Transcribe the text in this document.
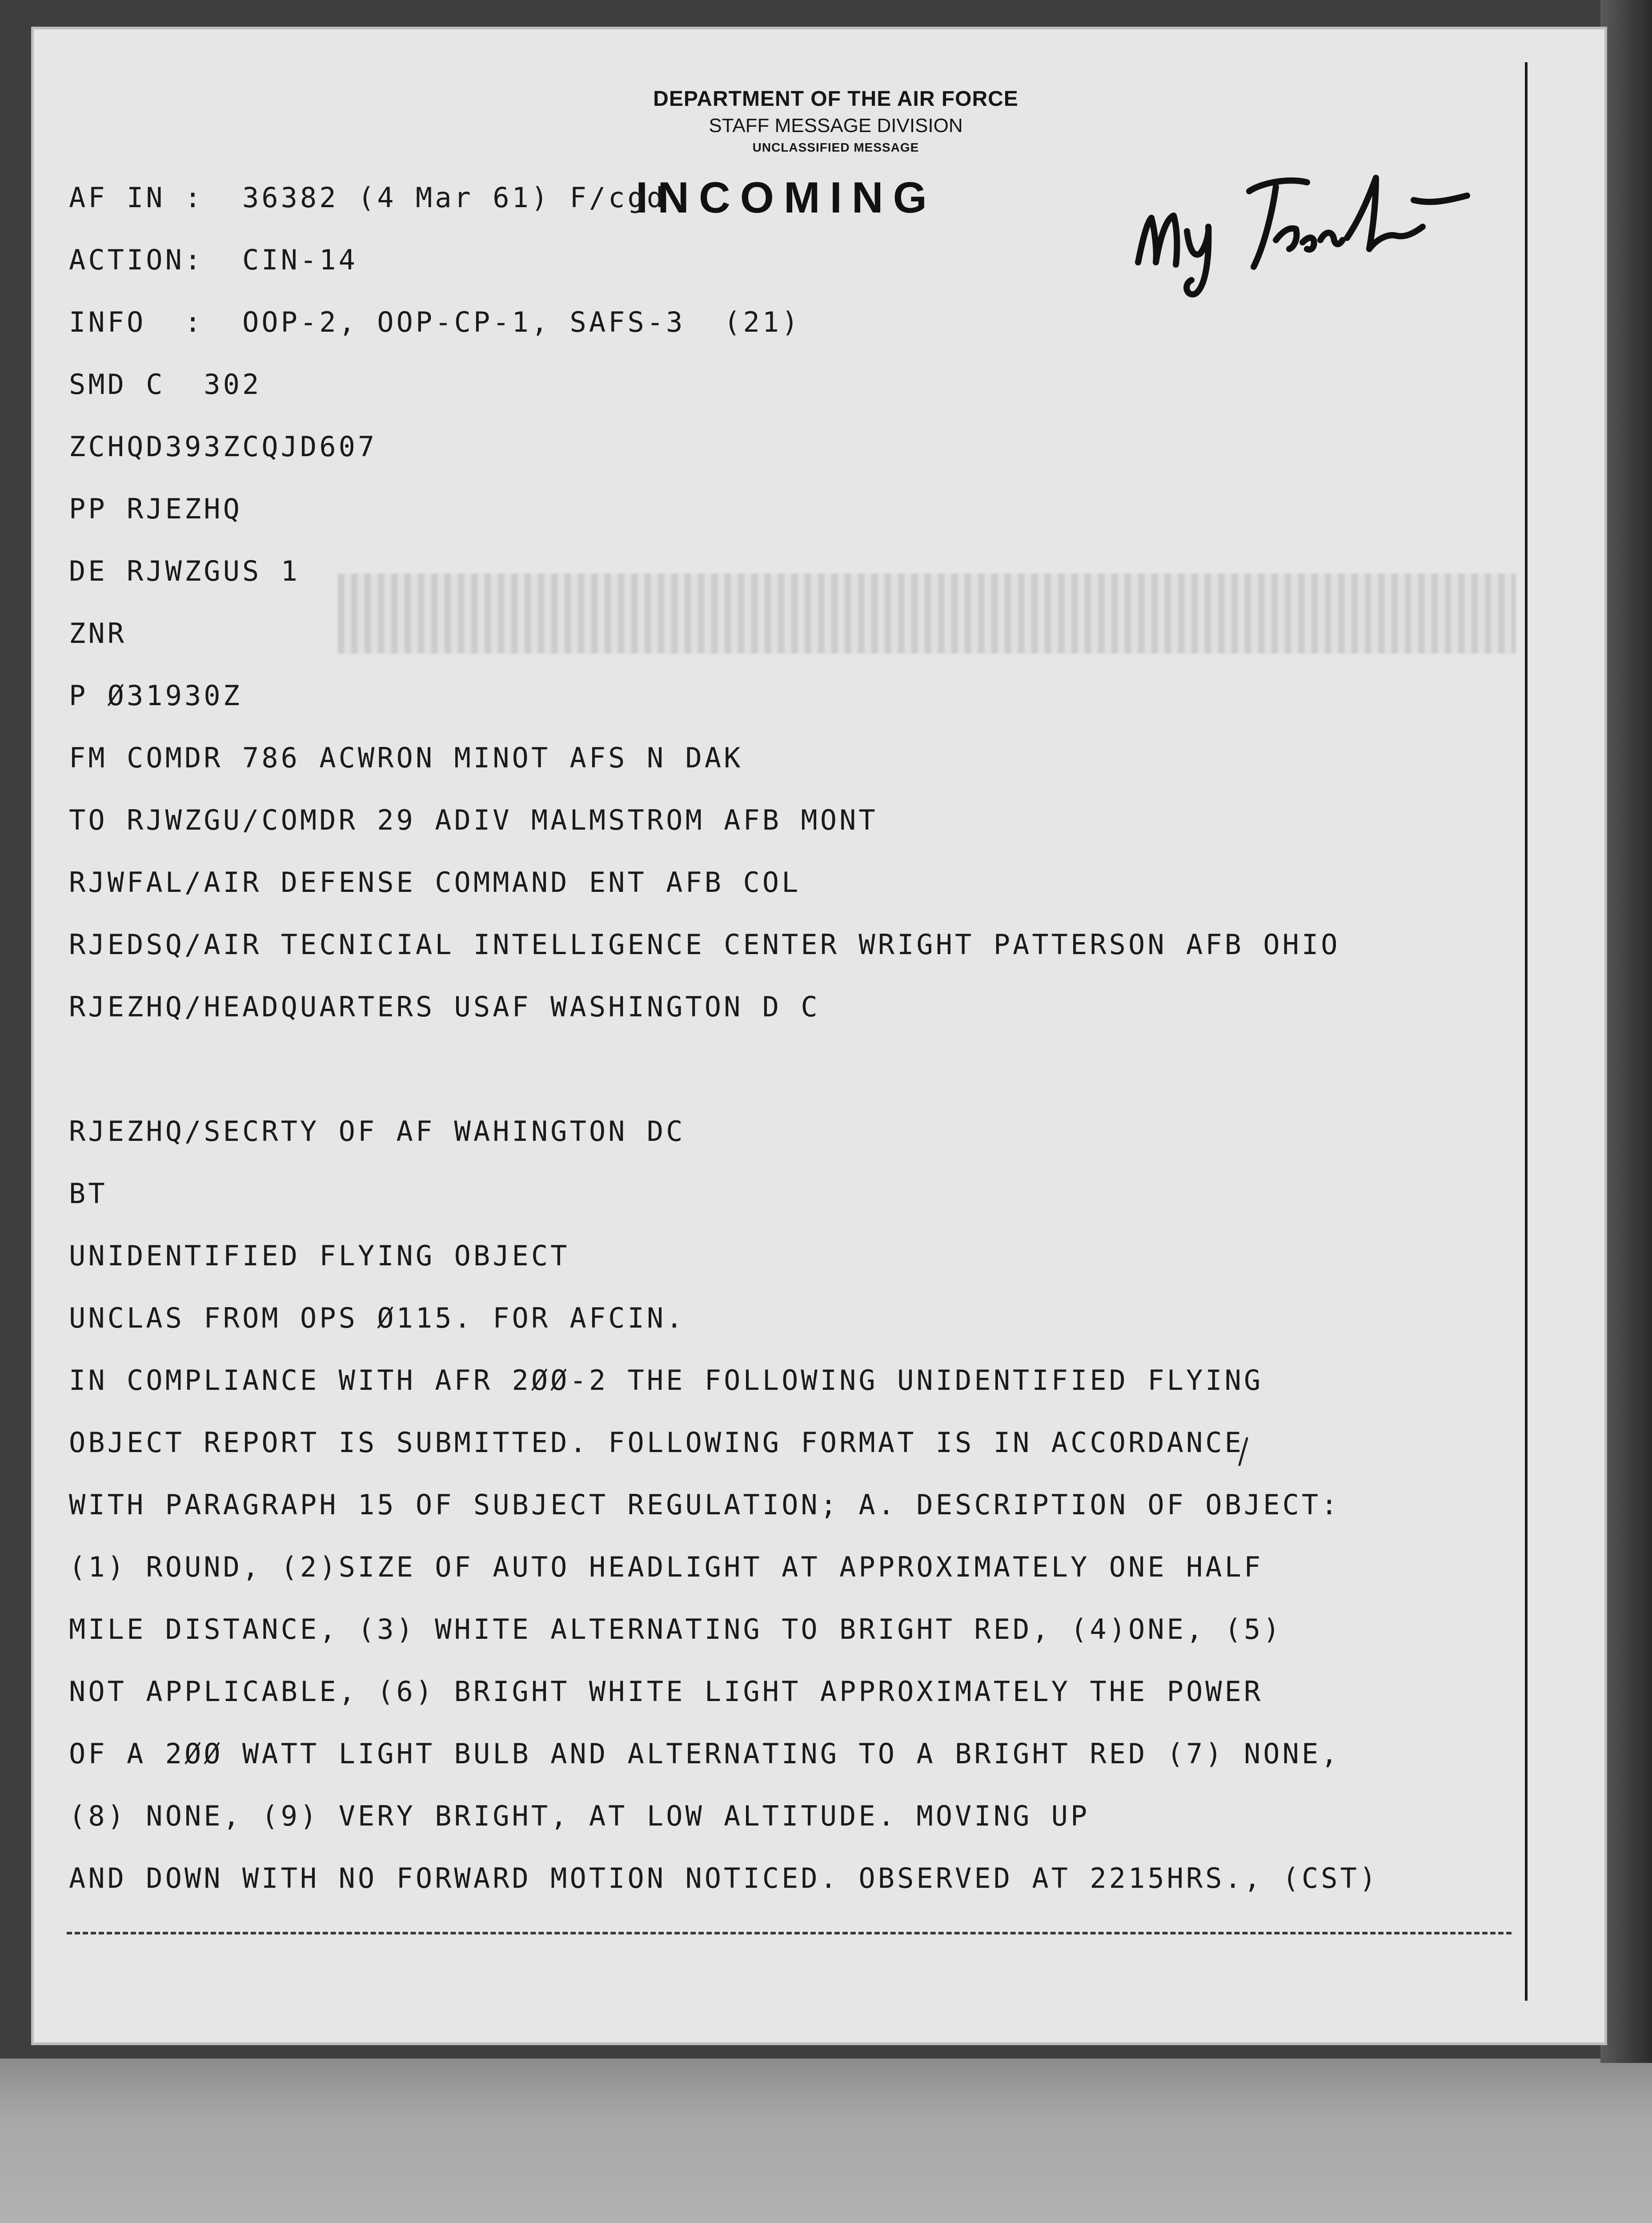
DEPARTMENT OF THE AIR FORCE
STAFF MESSAGE DIVISION
UNCLASSIFIED MESSAGE
INCOMING
AF IN :  36382 (4 Mar 61) F/cgd
ACTION:  CIN-14
INFO  :  OOP-2, OOP-CP-1, SAFS-3  (21)
SMD C  302
ZCHQD393ZCQJD607
PP RJEZHQ
DE RJWZGUS 1
ZNR
P Ø31930Z
FM COMDR 786 ACWRON MINOT AFS N DAK
TO RJWZGU/COMDR 29 ADIV MALMSTROM AFB MONT
RJWFAL/AIR DEFENSE COMMAND ENT AFB COL
RJEDSQ/AIR TECNICIAL INTELLIGENCE CENTER WRIGHT PATTERSON AFB OHIO
RJEZHQ/HEADQUARTERS USAF WASHINGTON D C
RJEZHQ/SECRTY OF AF WAHINGTON DC
BT
UNIDENTIFIED FLYING OBJECT
UNCLAS FROM OPS Ø115. FOR AFCIN.
IN COMPLIANCE WITH AFR 2ØØ-2 THE FOLLOWING UNIDENTIFIED FLYING
OBJECT REPORT IS SUBMITTED. FOLLOWING FORMAT IS IN ACCORDANCE
WITH PARAGRAPH 15 OF SUBJECT REGULATION; A. DESCRIPTION OF OBJECT:
(1) ROUND, (2)SIZE OF AUTO HEADLIGHT AT APPROXIMATELY ONE HALF
MILE DISTANCE, (3) WHITE ALTERNATING TO BRIGHT RED, (4)ONE, (5)
NOT APPLICABLE, (6) BRIGHT WHITE LIGHT APPROXIMATELY THE POWER
OF A 2ØØ WATT LIGHT BULB AND ALTERNATING TO A BRIGHT RED (7) NONE,
(8) NONE, (9) VERY BRIGHT, AT LOW ALTITUDE. MOVING UP
AND DOWN WITH NO FORWARD MOTION NOTICED. OBSERVED AT 2215HRS., (CST)
